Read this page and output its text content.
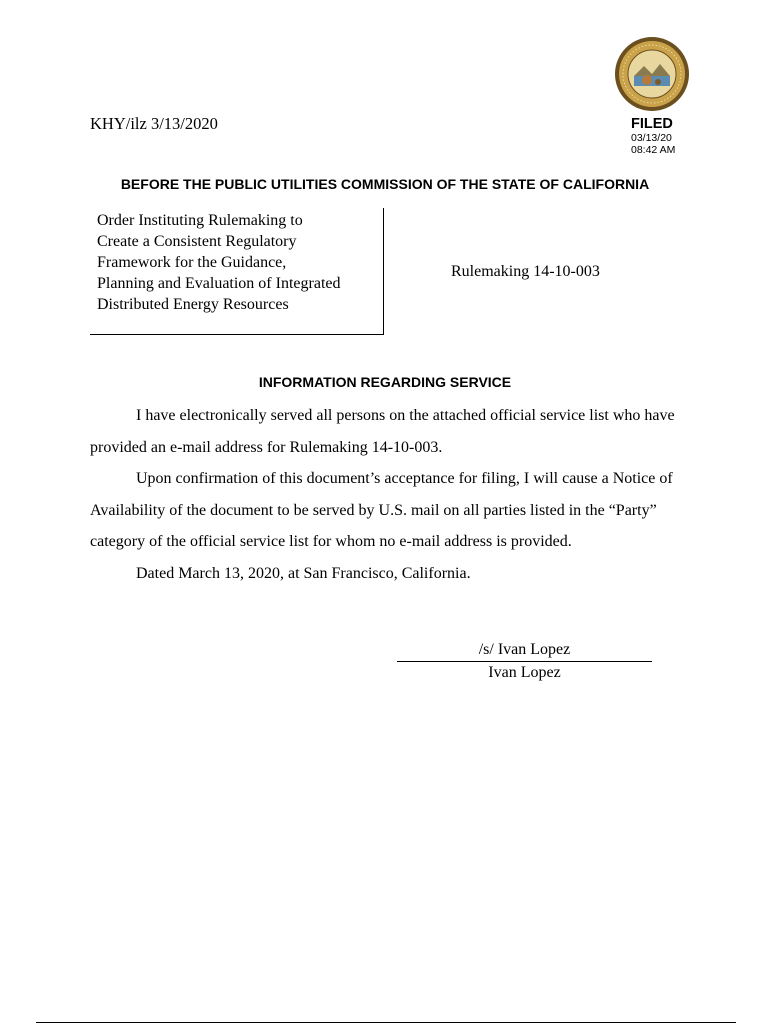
KHY/ilz 3/13/2020	FILED
03/13/20
08:42 AM
BEFORE THE PUBLIC UTILITIES COMMISSION OF THE STATE OF CALIFORNIA
Order Instituting Rulemaking to
Create a Consistent Regulatory
Framework for the Guidance,
Planning and Evaluation of Integrated
Distributed Energy Resources
Rulemaking 14-10-003
INFORMATION REGARDING SERVICE

I have electronically served all persons on the attached official service list who have provided an e-mail address for Rulemaking 14-10-003.

Upon confirmation of this document’s acceptance for filing, I will cause a Notice of Availability of the document to be served by U.S. mail on all parties listed in the “Party” category of the official service list for whom no e-mail address is provided.

Dated March 13, 2020, at San Francisco, California.

/s/ Ivan Lopez
Ivan Lopez
